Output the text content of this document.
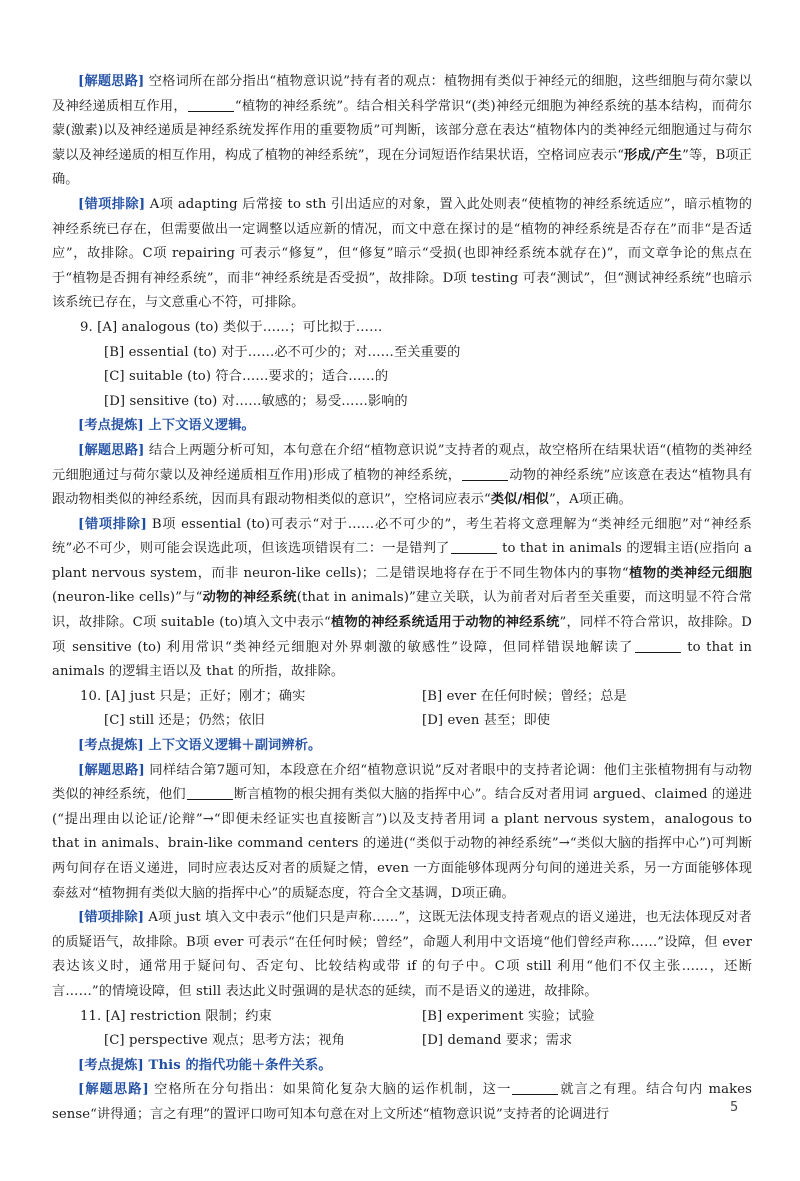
[解题思路] 空格词所在部分指出“植物意识说”持有者的观点：植物拥有类似于神经元的细胞，这些细胞与荷尔蒙以及神经递质相互作用，	“植物的神经系统”。结合相关科学常识“(类)神经元细胞为神经系统的基本结构，而荷尔蒙(激素)以及神经递质是神经系统发挥作用的重要物质”可判断，该部分意在表达“植物体内的类神经元细胞通过与荷尔蒙以及神经递质的相互作用，构成了植物的神经系统”，现在分词短语作结果状语，空格词应表示“形成/产生”等，B项正确。

[错项排除] A项 adapting 后常接 to sth 引出适应的对象，置入此处则表“使植物的神经系统适应”，暗示植物的神经系统已存在，但需要做出一定调整以适应新的情况，而文中意在探讨的是“植物的神经系统是否存在”而非“是否适应”，故排除。C项 repairing 可表示“修复”，但“修复”暗示“受损(也即神经系统本就存在)”，而文章争论的焦点在于“植物是否拥有神经系统”，而非“神经系统是否受损”，故排除。D项 testing 可表“测试”，但“测试神经系统”也暗示该系统已存在，与文意重心不符，可排除。

9. [A] analogous (to) 类似于……；可比拟于……

[B] essential (to) 对于……必不可少的；对……至关重要的

[C] suitable (to) 符合……要求的；适合……的

[D] sensitive (to) 对……敏感的；易受……影响的

[考点提炼] 上下文语义逻辑。

[解题思路] 结合上两题分析可知，本句意在介绍“植物意识说”支持者的观点，故空格所在结果状语“(植物的类神经元细胞通过与荷尔蒙以及神经递质相互作用)形成了植物的神经系统，	动物的神经系统”应该意在表达“植物具有跟动物相类似的神经系统，因而具有跟动物相类似的意识”，空格词应表示“类似/相似”，A项正确。

[错项排除] B项 essential (to)可表示“对于……必不可少的”，考生若将文意理解为“类神经元细胞”对“神经系统”必不可少，则可能会误选此项，但该选项错误有二：一是错判了	to that in animals 的逻辑主语(应指向 a plant nervous system，而非 neuron-like cells)；二是错误地将存在于不同生物体内的事物“植物的类神经元细胞(neuron-like cells)”与“动物的神经系统(that in animals)”建立关联，认为前者对后者至关重要，而这明显不符合常识，故排除。C项 suitable (to)填入文中表示“植物的神经系统适用于动物的神经系统”，同样不符合常识，故排除。D项 sensitive (to) 利用常识“类神经元细胞对外界刺激的敏感性”设障，但同样错误地解读了	to that in animals 的逻辑主语以及 that 的所指，故排除。

10. [A] just 只是；正好；刚才；确实	[B] ever 在任何时候；曾经；总是
[C] still 还是；仍然；依旧	[D] even 甚至；即使

[考点提炼] 上下文语义逻辑＋副词辨析。

[解题思路] 同样结合第7题可知，本段意在介绍“植物意识说”反对者眼中的支持者论调：他们主张植物拥有与动物类似的神经系统，他们	断言植物的根尖拥有类似大脑的指挥中心”。结合反对者用词 argued、claimed 的递进(“提出理由以论证/论辩”→“即便未经证实也直接断言”)以及支持者用词 a plant nervous system，analogous to that in animals、brain-like command centers 的递进(“类似于动物的神经系统”→“类似大脑的指挥中心”)可判断两句间存在语义递进，同时应表达反对者的质疑之情，even 一方面能够体现两分句间的递进关系，另一方面能够体现泰兹对“植物拥有类似大脑的指挥中心”的质疑态度，符合全文基调，D项正确。

[错项排除] A项 just 填入文中表示“他们只是声称……”，这既无法体现支持者观点的语义递进，也无法体现反对者的质疑语气，故排除。B项 ever 可表示“在任何时候；曾经”，命题人利用中文语境“他们曾经声称……”设障，但 ever 表达该义时，通常用于疑问句、否定句、比较结构或带 if 的句子中。C项 still 利用“他们不仅主张……，还断言……”的情境设障，但 still 表达此义时强调的是状态的延续，而不是语义的递进，故排除。

11. [A] restriction 限制；约束	[B] experiment 实验；试验
[C] perspective 观点；思考方法；视角	[D] demand 要求；需求

[考点提炼] This 的指代功能＋条件关系。

[解题思路] 空格所在分句指出：如果简化复杂大脑的运作机制，这一	就言之有理。结合句内 makes sense“讲得通；言之有理”的置评口吻可知本句意在对上文所述“植物意识说”支持者的论调进行	5
